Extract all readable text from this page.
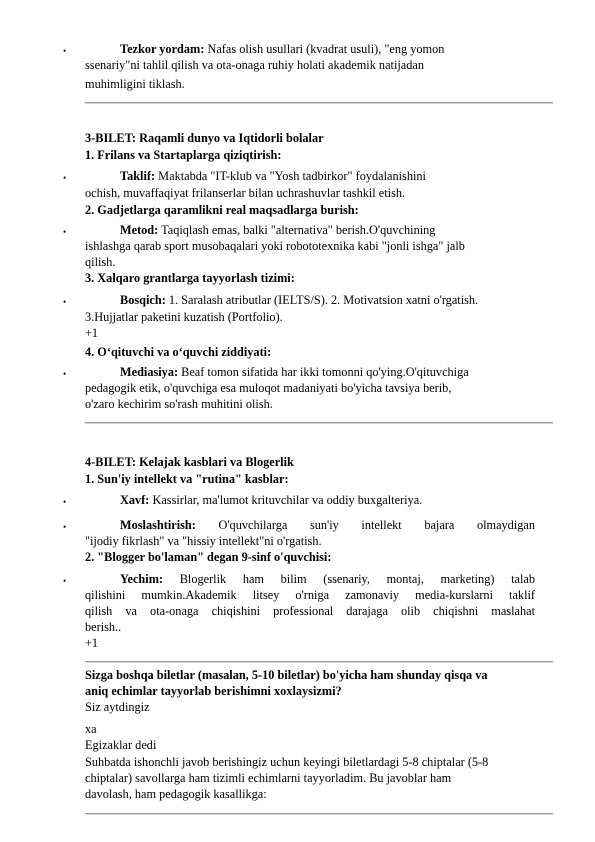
•	Tezkor yordam: Nafas olish usullari (kvadrat usuli), "eng yomon
ssenariy"ni tahlil qilish va ota-onaga ruhiy holati akademik natijadan
muhimligini tiklash.
3-BILET: Raqamli dunyo va Iqtidorli bolalar
1. Frilans va Startaplarga qiziqtirish:
•	Taklif: Maktabda "IT-klub va "Yosh tadbirkor" foydalanishini
ochish, muvaffaqiyat frilanserlar bilan uchrashuvlar tashkil etish.
2. Gadjetlarga qaramlikni real maqsadlarga burish:
•	Metod: Taqiqlash emas, balki "alternativa" berish.O'quvchining
ishlashga qarab sport musobaqalari yoki robototexnika kabi "jonli ishga" jalb
qilish.
3. Xalqaro grantlarga tayyorlash tizimi:
•	Bosqich: 1. Saralash atributlar (IELTS/S). 2. Motivatsion xatni o'rgatish.
3.Hujjatlar paketini kuzatish (Portfolio).
+1
4. O‘qituvchi va o‘quvchi ziddiyati:
•	Mediasiya: Beaf tomon sifatida har ikki tomonni qo'ying.O'qituvchiga
pedagogik etik, o'quvchiga esa muloqot madaniyati bo'yicha tavsiya berib,
o'zaro kechirim so'rash muhitini olish.
4-BILET: Kelajak kasblari va Blogerlik
1. Sun'iy intellekt va "rutina" kasblar:
•	Xavf: Kassirlar, ma'lumot krituvchilar va oddiy buxgalteriya.
•	Moslashtirish: O'quvchilarga sun'iy intellekt bajara olmaydigan
"ijodiy fikrlash" va "hissiy intellekt"ni o'rgatish.
2. "Blogger bo'laman" degan 9-sinf o'quvchisi:
•	Yechim: Blogerlik ham bilim (ssenariy, montaj, marketing) talab
qilishini mumkin.Akademik litsey o'rniga zamonaviy media-kurslarni taklif
qilish va ota-onaga chiqishini professional darajaga olib chiqishni maslahat
berish..
+1
Sizga boshqa biletlar (masalan, 5-10 biletlar) bo'yicha ham shunday qisqa va
aniq echimlar tayyorlab berishimni xoxlaysizmi?
Siz aytdingiz
xa
Egizaklar dedi
Suhbatda ishonchli javob berishingiz uchun keyingi biletlardagi 5-8 chiptalar (5-8
chiptalar) savollarga ham tizimli echimlarni tayyorladim. Bu javoblar ham
davolash, ham pedagogik kasallikga:
